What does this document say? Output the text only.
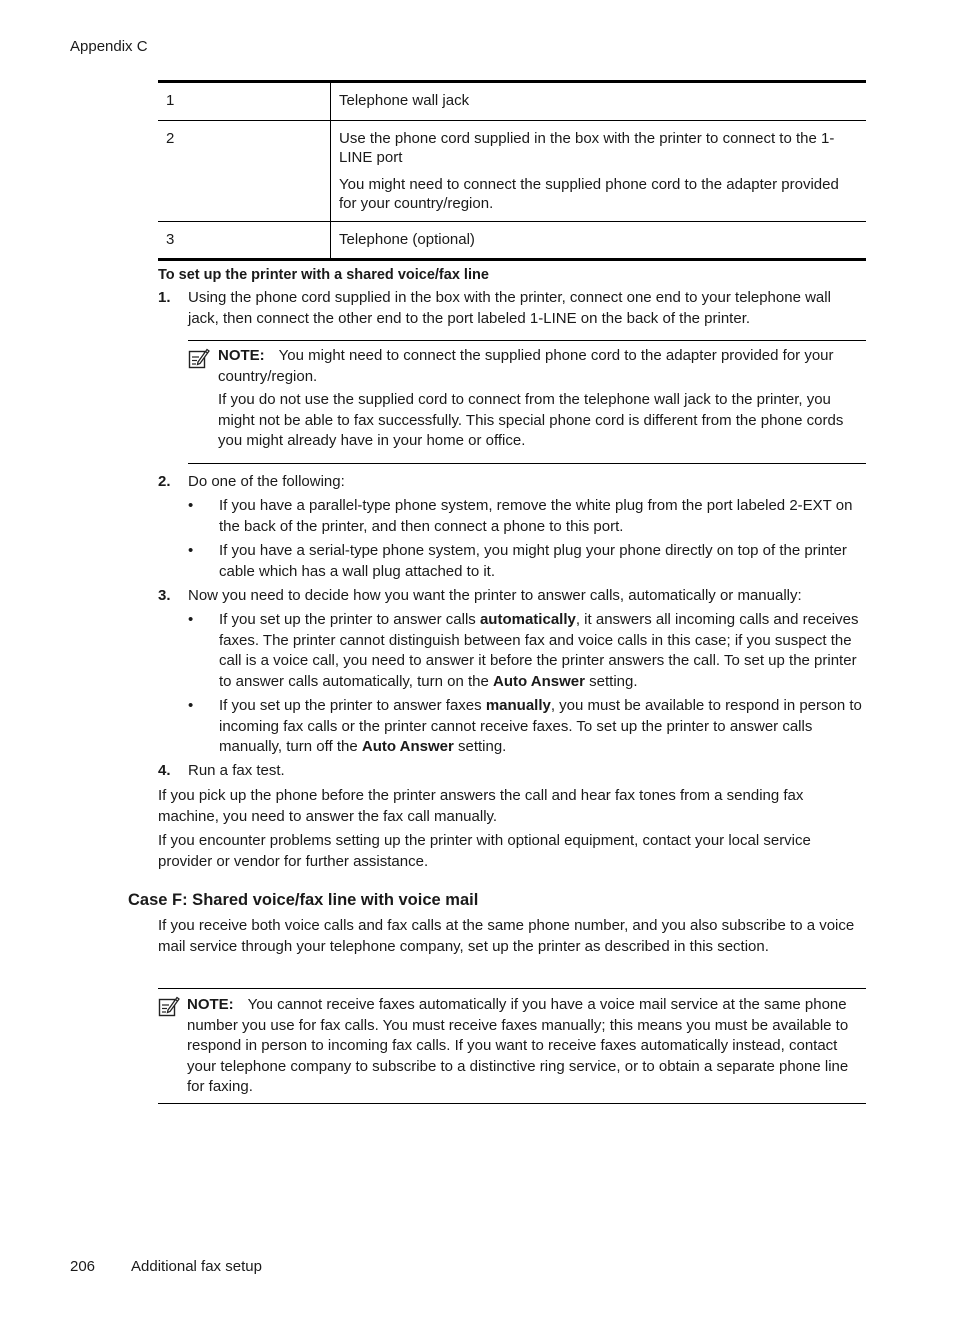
Appendix C
1	Telephone wall jack

2	Use the phone cord supplied in the box with the printer to connect to the 1-LINE port

You might need to connect the supplied phone cord to the adapter provided for your country/region.

3	Telephone (optional)

To set up the printer with a shared voice/fax line
1. Using the phone cord supplied in the box with the printer, connect one end to your telephone wall jack, then connect the other end to the port labeled 1-LINE on the back of the printer.

NOTE: You might need to connect the supplied phone cord to the adapter provided for your country/region.

If you do not use the supplied cord to connect from the telephone wall jack to the printer, you might not be able to fax successfully. This special phone cord is different from the phone cords you might already have in your home or office.

2. Do one of the following:
• If you have a parallel-type phone system, remove the white plug from the port labeled 2-EXT on the back of the printer, and then connect a phone to this port.
• If you have a serial-type phone system, you might plug your phone directly on top of the printer cable which has a wall plug attached to it.
3. Now you need to decide how you want the printer to answer calls, automatically or manually:
• If you set up the printer to answer calls automatically, it answers all incoming calls and receives faxes. The printer cannot distinguish between fax and voice calls in this case; if you suspect the call is a voice call, you need to answer it before the printer answers the call. To set up the printer to answer calls automatically, turn on the Auto Answer setting.
• If you set up the printer to answer faxes manually, you must be available to respond in person to incoming fax calls or the printer cannot receive faxes. To set up the printer to answer calls manually, turn off the Auto Answer setting.
4. Run a fax test.
If you pick up the phone before the printer answers the call and hear fax tones from a sending fax machine, you need to answer the fax call manually.
If you encounter problems setting up the printer with optional equipment, contact your local service provider or vendor for further assistance.
Case F: Shared voice/fax line with voice mail
If you receive both voice calls and fax calls at the same phone number, and you also subscribe to a voice mail service through your telephone company, set up the printer as described in this section.

NOTE: You cannot receive faxes automatically if you have a voice mail service at the same phone number you use for fax calls. You must receive faxes manually; this means you must be available to respond in person to incoming fax calls. If you want to receive faxes automatically instead, contact your telephone company to subscribe to a distinctive ring service, or to obtain a separate phone line for faxing.

206 Additional fax setup
